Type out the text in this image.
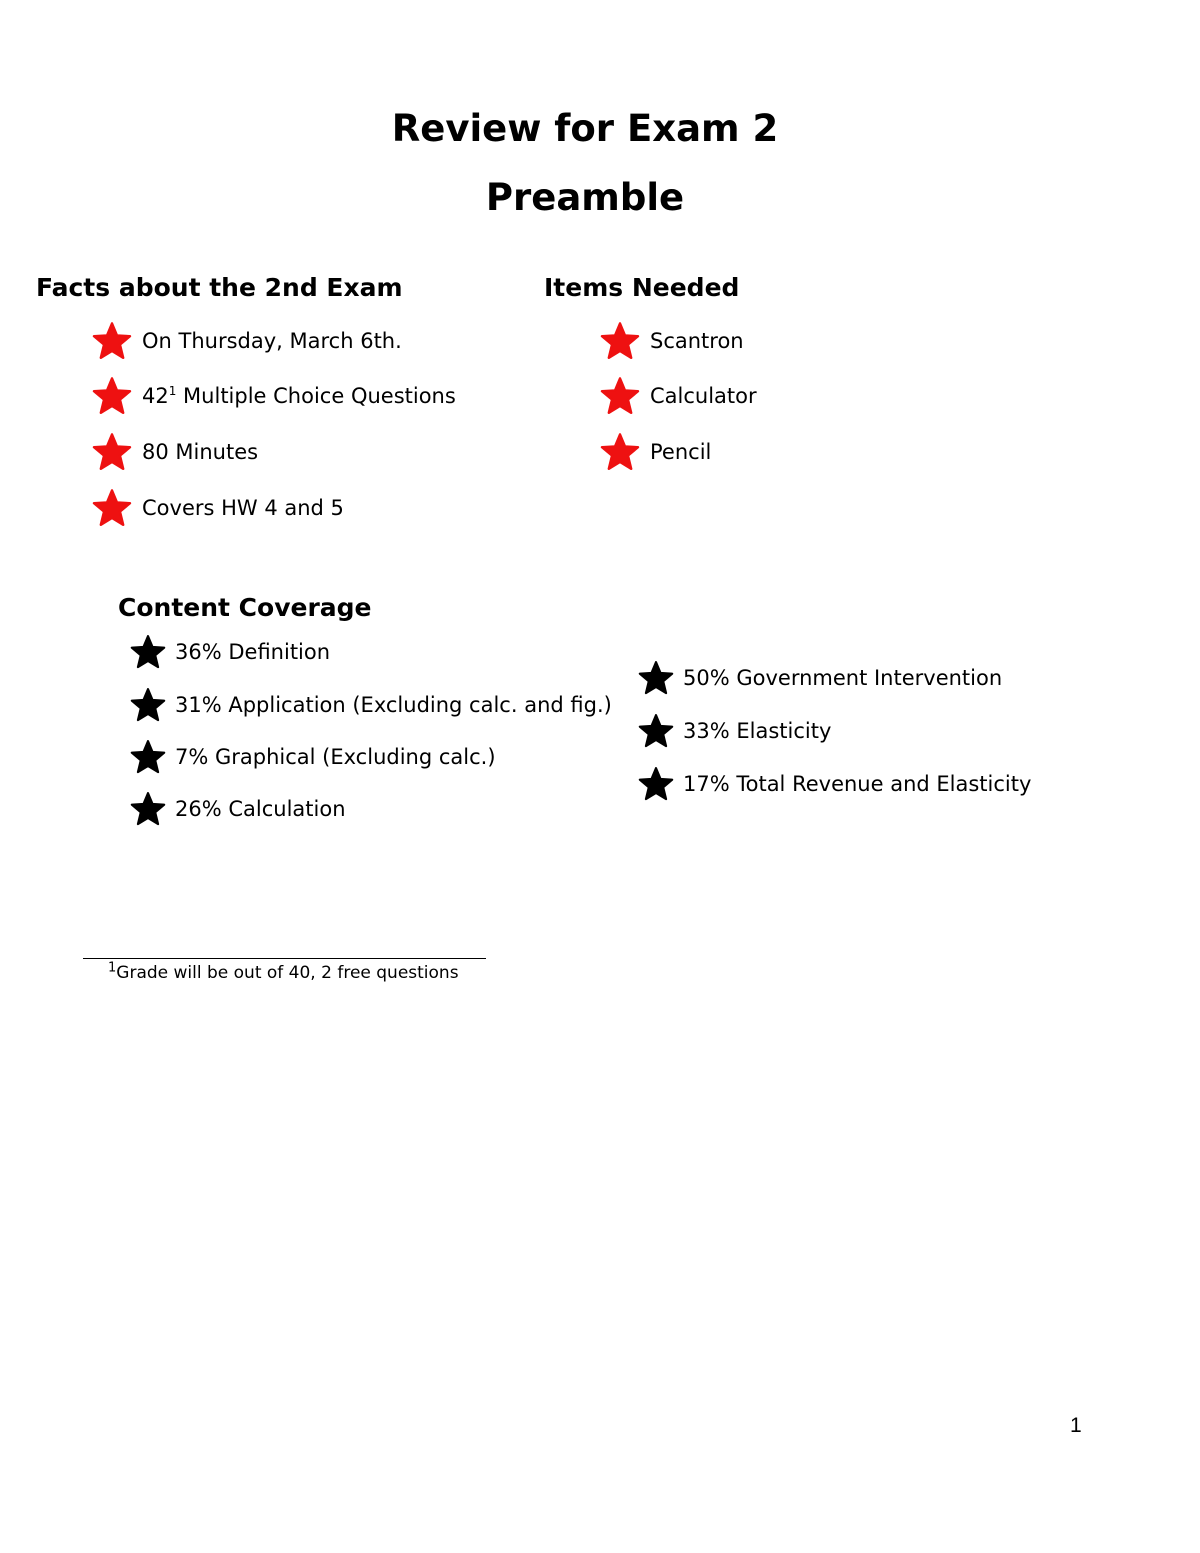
Review for Exam 2
Preamble
Facts about the 2nd Exam
On Thursday, March 6th.
$42^1$ Multiple Choice Questions
80 Minutes
Covers HW 4 and 5
Items Needed
Scantron
Calculator
Pencil
Content Coverage
36% Definition
31% Application (Excluding calc. and fig.)
7% Graphical (Excluding calc.)
26% Calculation
50% Government Intervention
33% Elasticity
17% Total Revenue and Elasticity
$^1$Grade will be out of 40, 2 free questions
1
